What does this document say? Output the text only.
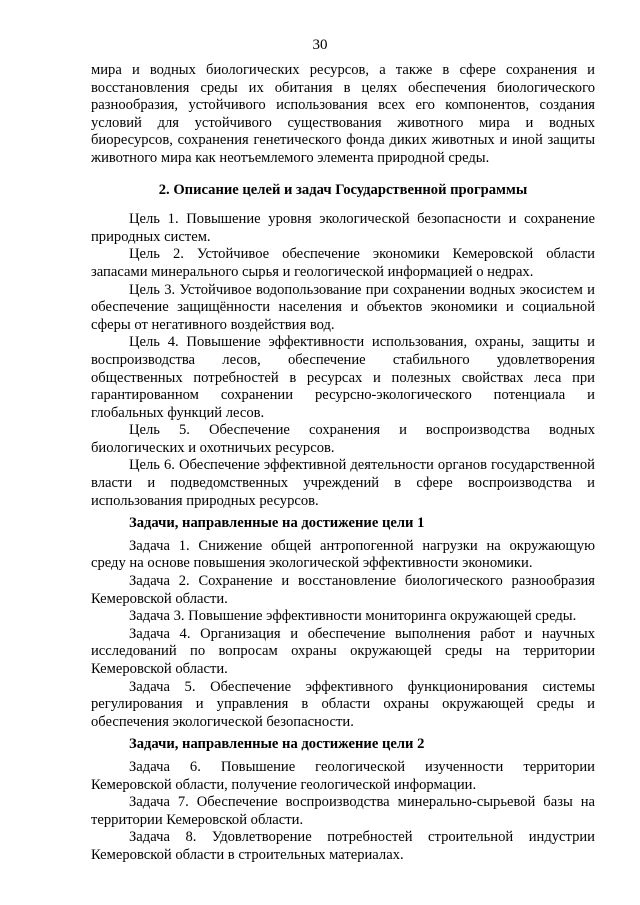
30

мира и водных биологических ресурсов, а также в сфере сохранения и восстановления среды их обитания в целях обеспечения биологического разнообразия, устойчивого использования всех его компонентов, создания условий для устойчивого существования животного мира и водных биоресурсов, сохранения генетического фонда диких животных и иной защиты животного мира как неотъемлемого элемента природной среды.

2. Описание целей и задач Государственной программы

Цель 1. Повышение уровня экологической безопасности и сохранение природных систем.

Цель 2. Устойчивое обеспечение экономики Кемеровской области запасами минерального сырья и геологической информацией о недрах.

Цель 3. Устойчивое водопользование при сохранении водных экосистем и обеспечение защищённости населения и объектов экономики и социальной сферы от негативного воздействия вод.

Цель 4. Повышение эффективности использования, охраны, защиты и воспроизводства лесов, обеспечение стабильного удовлетворения общественных потребностей в ресурсах и полезных свойствах леса при гарантированном сохранении ресурсно-экологического потенциала и глобальных функций лесов.

Цель 5. Обеспечение сохранения и воспроизводства водных биологических и охотничьих ресурсов.

Цель 6. Обеспечение эффективной деятельности органов государственной власти и подведомственных учреждений в сфере воспроизводства и использования природных ресурсов.

Задачи, направленные на достижение цели 1

Задача 1. Снижение общей антропогенной нагрузки на окружающую среду на основе повышения экологической эффективности экономики.

Задача 2. Сохранение и восстановление биологического разнообразия Кемеровской области.

Задача 3. Повышение эффективности мониторинга окружающей среды.

Задача 4. Организация и обеспечение выполнения работ и научных исследований по вопросам охраны окружающей среды на территории Кемеровской области.

Задача 5. Обеспечение эффективного функционирования системы регулирования и управления в области охраны окружающей среды и обеспечения экологической безопасности.

Задачи, направленные на достижение цели 2

Задача 6. Повышение геологической изученности территории Кемеровской области, получение геологической информации.

Задача 7. Обеспечение воспроизводства минерально-сырьевой базы на территории Кемеровской области.

Задача 8. Удовлетворение потребностей строительной индустрии Кемеровской области в строительных материалах.
